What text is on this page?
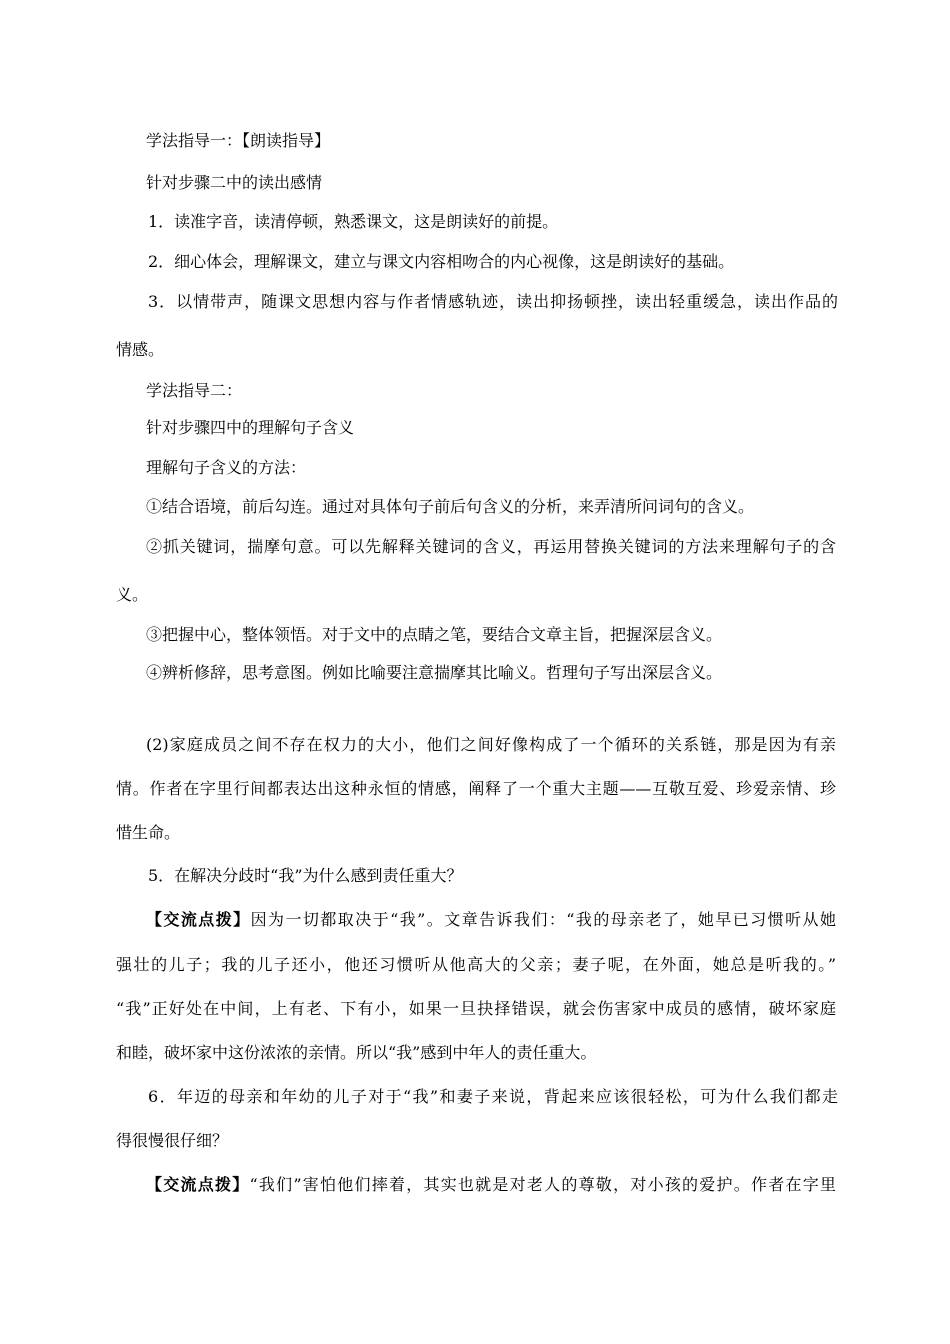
学法指导一：【朗读指导】

针对步骤二中的读出感情

1．读准字音，读清停顿，熟悉课文，这是朗读好的前提。

2．细心体会，理解课文，建立与课文内容相吻合的内心视像，这是朗读好的基础。

3．以情带声，随课文思想内容与作者情感轨迹，读出抑扬顿挫，读出轻重缓急，读出作品的

情感。

学法指导二：

针对步骤四中的理解句子含义

理解句子含义的方法：

①结合语境，前后勾连。通过对具体句子前后句含义的分析，来弄清所问词句的含义。

②抓关键词，揣摩句意。可以先解释关键词的含义，再运用替换关键词的方法来理解句子的含

义。

③把握中心，整体领悟。对于文中的点睛之笔，要结合文章主旨，把握深层含义。

④辨析修辞，思考意图。例如比喻要注意揣摩其比喻义。哲理句子写出深层含义。

(2)家庭成员之间不存在权力的大小，他们之间好像构成了一个循环的关系链，那是因为有亲

情。作者在字里行间都表达出这种永恒的情感，阐释了一个重大主题——互敬互爱、珍爱亲情、珍

惜生命。

5．在解决分歧时“我”为什么感到责任重大？

【交流点拨】因为一切都取决于“我”。文章告诉我们：“我的母亲老了，她早已习惯听从她

强壮的儿子；我的儿子还小，他还习惯听从他高大的父亲；妻子呢，在外面，她总是听我的。”

“我”正好处在中间，上有老、下有小，如果一旦抉择错误，就会伤害家中成员的感情，破坏家庭

和睦，破坏家中这份浓浓的亲情。所以“我”感到中年人的责任重大。

6．年迈的母亲和年幼的儿子对于“我”和妻子来说，背起来应该很轻松，可为什么我们都走

得很慢很仔细？

【交流点拨】“我们”害怕他们摔着，其实也就是对老人的尊敬，对小孩的爱护。作者在字里
